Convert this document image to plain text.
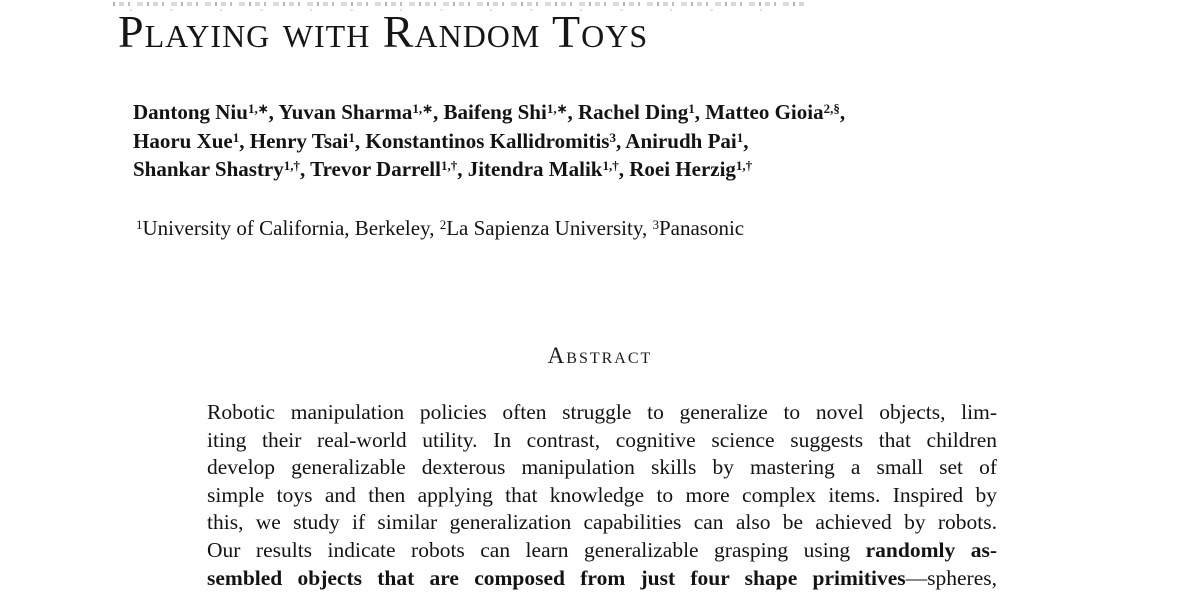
Playing with Random Toys
Dantong Niu$^{1,∗}$, Yuvan Sharma$^{1,∗}$, Baifeng Shi$^{1,∗}$, Rachel Ding$^1$, Matteo Gioia$^{2,\S}$,
Haoru Xue$^1$, Henry Tsai$^1$, Konstantinos Kallidromitis$^3$, Anirudh Pai$^1$,
Shankar Shastry$^{1,\dagger}$, Trevor Darrell$^{1,\dagger}$, Jitendra Malik$^{1,\dagger}$, Roei Herzig$^{1,\dagger}$
$^1$University of California, Berkeley, $^2$La Sapienza University, $^3$Panasonic
Abstract
Robotic manipulation policies often struggle to generalize to novel objects, lim-
iting their real-world utility. In contrast, cognitive science suggests that children
develop generalizable dexterous manipulation skills by mastering a small set of
simple toys and then applying that knowledge to more complex items. Inspired by
this, we study if similar generalization capabilities can also be achieved by robots.
Our results indicate robots can learn generalizable grasping using randomly as-
sembled objects that are composed from just four shape primitives—spheres,
